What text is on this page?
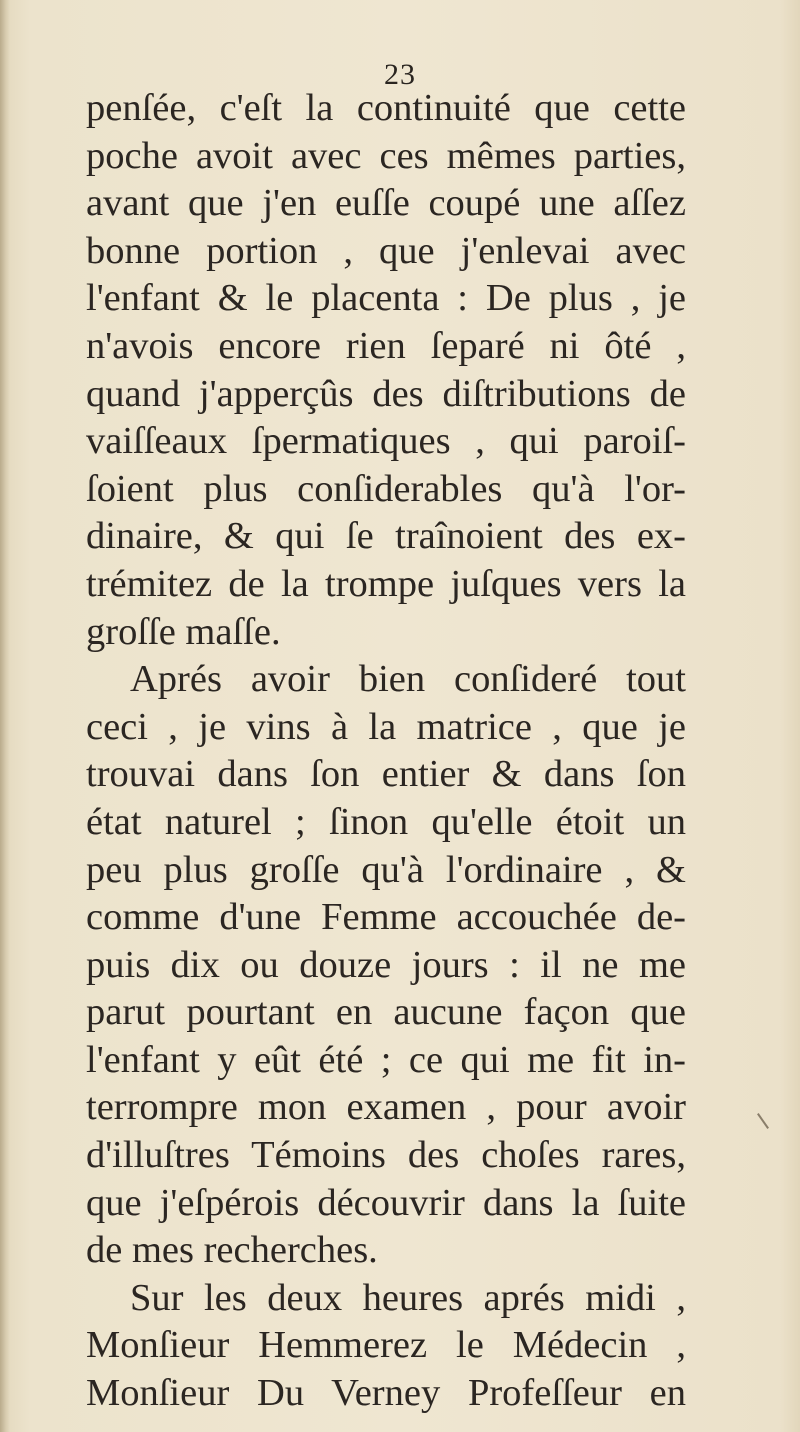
23
penſée, c'eſt la continuité que cette
poche avoit avec ces mêmes parties,
avant que j'en euſſe coupé une aſſez
bonne portion , que j'enlevai avec
l'enfant & le placenta : De plus , je
n'avois encore rien ſeparé ni ôté ,
quand j'apperçûs des diſtributions de
vaiſſeaux ſpermatiques , qui paroiſ-
ſoient plus conſiderables qu'à l'or-
dinaire, & qui ſe traînoient des ex-
trémitez de la trompe juſques vers la
groſſe maſſe.
Aprés avoir bien conſideré tout
ceci , je vins à la matrice , que je
trouvai dans ſon entier & dans ſon
état naturel ; ſinon qu'elle étoit un
peu plus groſſe qu'à l'ordinaire , &
comme d'une Femme accouchée de-
puis dix ou douze jours : il ne me
parut pourtant en aucune façon que
l'enfant y eût été ; ce qui me fit in-
terrompre mon examen , pour avoir
d'illuſtres Témoins des choſes rares,
que j'eſpérois découvrir dans la ſuite
de mes recherches.
Sur les deux heures aprés midi ,
Monſieur Hemmerez le Médecin ,
Monſieur Du Verney Profeſſeur en
